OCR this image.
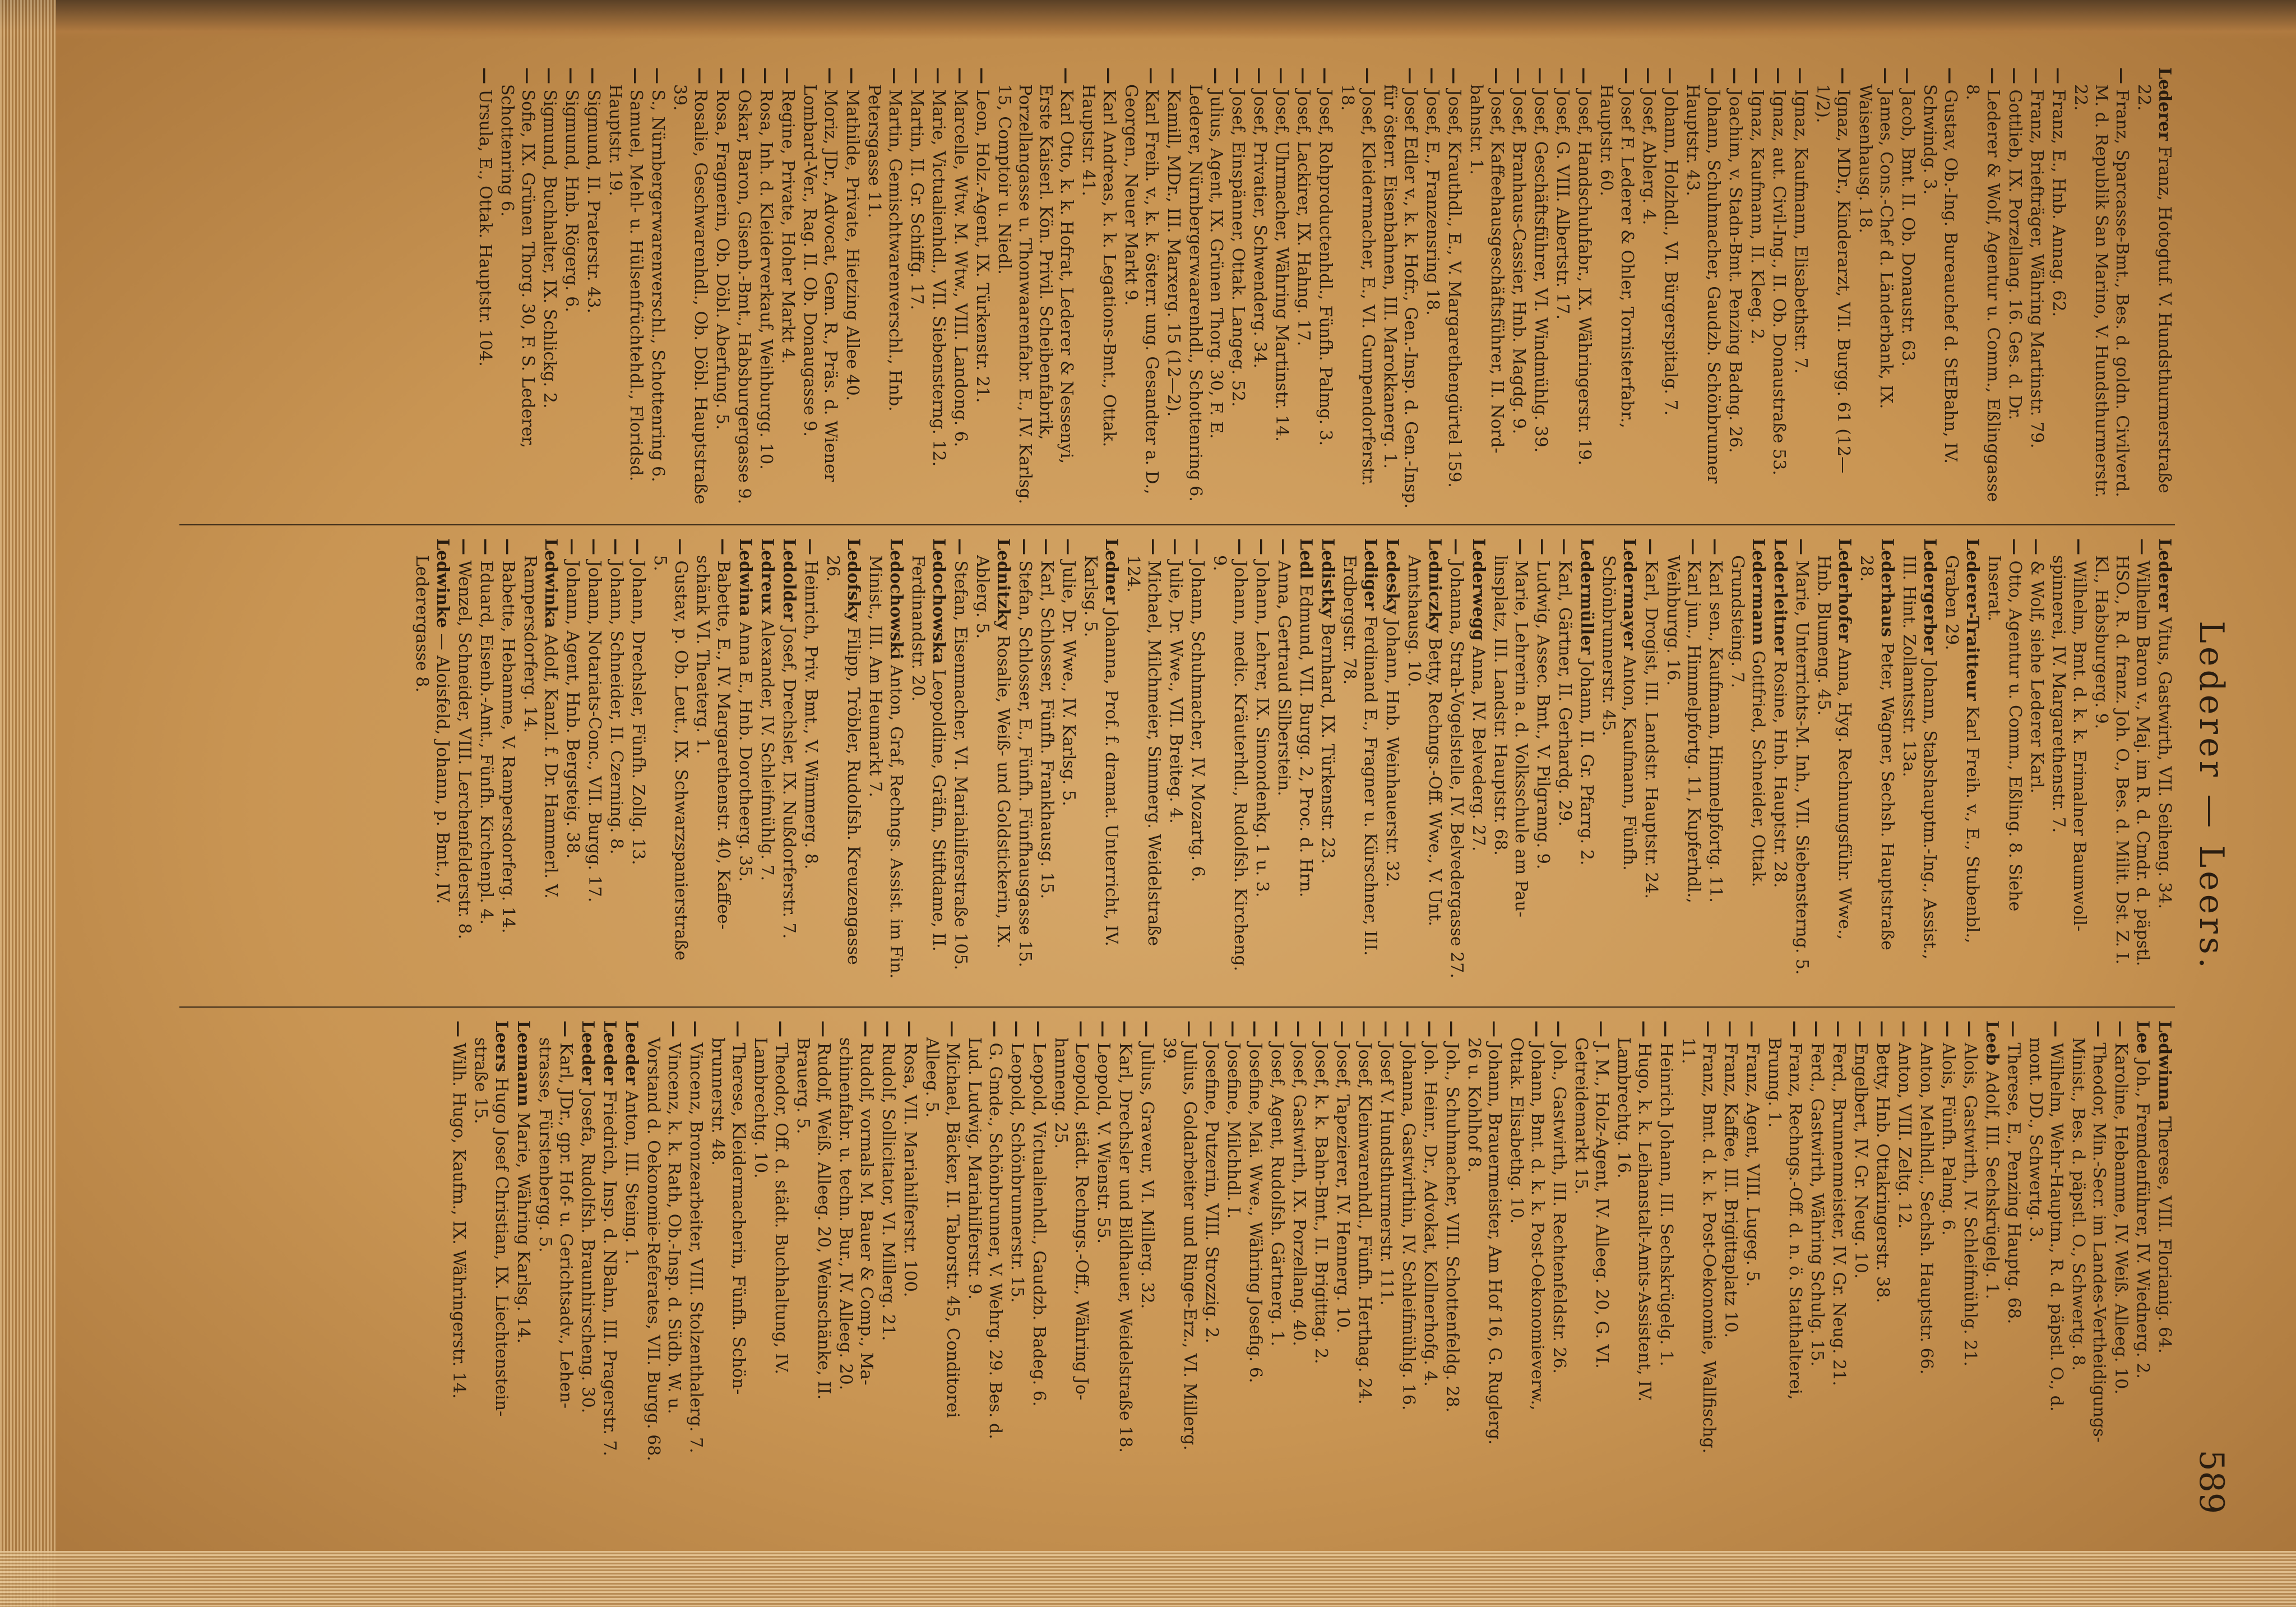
Lederer — Leers.
589
Lederer Franz, Hotogtuf. V. Hundsthurmerstraße 22.
— Franz, Sparcasse-Bmt., Bes. d. goldn. Civilverd. M. d. Republik San Marino, V. Hundsthurmerstr. 22.
— Franz, E., Hnb. Annag. 62.
— Franz, Briefträger, Währing Martinstr. 79.
— Gottlieb, IX. Porzellang. 16. Ges. d. Dr.
— Lederer & Wolf, Agentur u. Comm., Eßlinggasse 8.
— Gustav, Ob.-Ing. Bureauchef d. StEBahn, IV. Schwindg. 3.
— Jacob, Bmt. II. Ob. Donaustr. 63.
— James, Cons.-Chef d. Länderbank, IX. Waisenhausg. 18.
— Ignaz, MDr., Kinderarzt, VII. Burgg. 61 (12—1/2).
— Ignaz, Kaufmann, Elisabethstr. 7.
— Ignaz, aut. Civil-Ing., II. Ob. Donaustraße 53.
— Ignaz, Kaufmann, II. Kleeg. 2.
— Joachim, v. Stadn-Bmt. Penzing Badng. 26.
— Johann, Schuhmacher, Gaudzb. Schönbrunner Hauptstr. 43.
— Johann, Holzhdl., VI. Bürgerspitalg. 7.
— Josef, Ablerg. 4.
— Josef F. Lederer & Ohler, Tornisterfabr., Hauptstr. 60.
— Josef, Handschuhfabr., IX. Währingerstr. 19.
— Josef, G. VIII. Albertstr. 17.
— Josef, Geschäftsführer, VI. Windmühlg. 39.
— Josef, Branhaus-Cassier, Hnb. Magdg. 9.
— Josef, Kaffeehausgeschäftsführer, II. Nordbahnstr. 1.
— Josef, Krauthdl., E., V. Margarethengürtel 159.
— Josef, E., Franzensring 18.
— Josef Edler v., k. k. Hofr., Gen.-Insp. d. Gen.-Insp. für österr. Eisenbahnen, III. Marokkanerg. 1.
— Josef, Kleidermacher, E., VI. Gumpendorferstr. 18.
— Josef, Rohproductenhdl., Fünfh. Palmg. 3.
— Josef, Lackirer, IX. Hahng. 17.
— Josef, Uhrmacher, Währing Martinstr. 14.
— Josef, Privatier, Schwenderg. 34.
— Josef, Einspänner, Ottak. Langeg. 52.
— Julius, Agent, IX. Grünen Thorg. 30, F. E. Lederer, Nürnbergerwaarenhdl., Schottenring 6.
— Kamill, MDr., III. Marxerg. 15 (12—2).
— Karl Freih. v., k. k. österr. ung. Gesandter a. D., Georgen., Neuer Markt 9.
— Karl Andreas, k. k. Legations-Bmt., Ottak. Hauptstr. 41.
— Karl Otto, k. k. Hofrat, Lederer & Nessenyi, Erste Kaiserl. Kön. Privil. Scheibenfabrik, Porzellangasse u. Thonwaarenfabr. E., IV. Karlsg. 15, Comptoir u. Niedl.
— Leon, Holz.-Agent, IX. Türkenstr. 21.
— Marcelle, Wtw. M. Wtw., VIII. Landong. 6.
— Marie, Victualienhdl., VII. Siebensterng. 12.
— Martin, II. Gr. Schiffg. 17.
— Martin, Gemischtwarenverschl., Hnb. Petersgasse 11.
— Mathilde, Private, Hietzing Allee 40.
— Moriz, JDr., Advocat, Gem. R., Präs. d. Wiener Lombard-Ver., Rag. II. Ob. Donaugasse 9.
— Regine, Private, Hoher Markt 4.
— Rosa, Inh. d. Kleiderverkauf, Weihburgg. 10.
— Oskar, Baron, Gisenb.-Bmt., Habsburgergasse 9.
— Rosa, Fragnerin, Ob. Döbl. Aberfung. 5.
— Rosalie, Geschwarenhdl., Ob. Döbl. Hauptstraße 39.
— S., Nürnbergerwarenverschl., Schottenring 6.
— Samuel, Mehl- u. Hülsenfrüchtehdl., Floridsd. Hauptstr. 19.
— Sigmund, II. Praterstr. 43.
— Sigmund, Hnb. Rögerg. 6.
— Sigmund, Buchhalter, IX. Schlickg. 2.
— Sofie, IX. Grünen Thorg. 30, F. S. Lederer, Schottenring 6.
— Ursula, E., Ottak. Hauptstr. 104.
Lederer Vitus, Gastwirth, VII. Seiheng. 34.
— Wilhelm Baron v., Maj. im R. d. Cmdr. d. päpstl. HSO., R. d. franz. Joh. O., Bes. d. Milit. Dst. Z. I. Kl., Habsburgerg. 9.
— Wilhelm, Bmt. d. k. k. Erimalner Baumwollspinnerei, IV. Margarethenstr. 7.
— & Wolf, siehe Lederer Karl.
— Otto, Agentur u. Comm., Eßling. 8. Siehe Inserat.
Lederer-Traitteur Karl Freih. v., E., Stubenbl., Graben 29.
Ledergerber Johann, Stabshauptm.-Ing., Assist., III. Hint. Zollamtsstr. 13a.
Lederhaus Peter, Wagner, Sechsh. Hauptstraße 28.
Lederhofer Anna, Hyg. Rechnungsführ. Wwe., Hnb. Blumeng. 45.
— Marie, Unterrichts-M. Inh., VII. Siebensterng. 5.
Lederleitner Rosine, Hnb. Hauptstr. 28.
Ledermann Gottfried, Schneider, Ottak. Grundsteing. 7.
— Karl sen., Kaufmann, Himmelpfortg. 11.
— Karl jun., Himmelpfortg. 11, Kupferhdl., Weihburgg. 16.
— Karl, Drogist, III. Landstr. Hauptstr. 24.
Ledermayer Anton, Kaufmann, Fünfh. Schönbrunnerstr. 45.
Ledermüller Johann, II. Gr. Pfarrg. 2.
— Karl, Gärtner, II. Gerhardg. 29.
— Ludwig, Assec. Bmt., V. Pilgramg. 9.
— Marie, Lehrerin a. d. Volksschule am Paulinsplatz, III. Landstr. Hauptstr. 68.
Lederwegg Anna, IV. Belvederg. 27.
— Johanna, Strah-Vogelstelle, IV. Belvedergasse 27.
Ledniczky Betty, Rechngs.-Off. Wwe., V. Unt. Amtshausg. 10.
Ledesky Johann, Hnb. Weinhauerstr. 32.
Lediger Ferdinand E., Fragner u. Kürschner, III. Erdbergstr. 78.
Ledistky Bernhard, IX. Türkenstr. 23.
Ledl Edmund, VII. Burgg. 2, Proc. d. Hrn.
— Anna, Gertraud Silberstein.
— Johann, Lehrer, IX. Simondenkg. 1 u. 3.
— Johann, medic. Kräuterhdl., Rudolfsh. Kircheng. 9.
— Johann, Schuhmacher, IV. Mozartg. 6.
— Julie, Dr. Wwe., VII. Breiteg. 4.
— Michael, Milchmeier, Simmerg. Weidelstraße 124.
Ledner Johanna, Prof. f. dramat. Unterricht, IV. Karlsg. 5.
— Julie, Dr. Wwe., IV. Karlsg. 5.
— Karl, Schlosser, Fünfh. Frankhausg. 15.
— Stefan, Schlosser, E., Fünfh. Fünfhausgasse 15.
Lednitzky Rosalie, Weiß- und Goldstickerin, IX. Ablerg. 5.
— Stefan, Eisenmacher, VI. Mariahilferstraße 105.
Ledochowska Leopoldine, Gräfin, Stiftdame, II. Ferdinandstr. 20.
Ledochowski Anton, Graf, Rechngs. Assist. im Fin. Minist., III. Am Heumarkt 7.
Ledofsky Filipp, Tröbler, Rudolfsh. Kreuzengasse 26.
— Heinrich, Priv. Bmt., V. Wimmerg. 8.
Ledolder Josef, Drechsler, IX. Nußdorferstr. 7.
Ledreux Alexander, IV. Schleifmühlg. 7.
Ledwina Anna E., Hnb. Dorotheerg. 35.
— Babette, E., IV. Margarethenstr. 40, Kaffeeschänk VI. Theaterg. 1.
— Gustav, p. Ob. Leut., IX. Schwarzspanierstraße 5.
— Johann, Drechsler, Fünfh. Zollg. 13.
— Johann, Schneider, II. Czerning. 8.
— Johann, Notariats-Conc., VII. Burgg. 17.
— Johann, Agent, Hnb. Bergsteig. 38.
Ledwinka Adolf, Kanzl. f. Dr. Hammerl. V. Rampersdorferg. 14.
— Babette, Hebamme, V. Rampersdorferg. 14.
— Eduard, Eisenb.-Amt., Fünfh. Kirchenpl. 4.
— Wenzel, Schneider, VIII. Lerchenfelderstr. 8.
Ledwinke — Aloisfeld, Johann, p. Bmt., IV. Lederergasse 8.
Ledwinna Therese, VIII. Florianig. 64.
Lee Joh., Fremdenführer, IV. Wiednerg. 2.
— Karoline, Hebamme, IV. Weiß. Alleeg. 10.
— Theodor, Min.-Secr. im Landes-Vertheidigungs-Minist., Bes. d. päpstl. O., Schwertg. 8.
— Wilhelm, Wehr-Hauptm., R. d. päpstl. O., d. mont. DD., Schwertg. 3.
— Therese, E., Penzing Hauptg. 68.
Leeb Adolf, III. Sechskrügelg. 1.
— Alois, Gastwirth, IV. Schleifmühlg. 21.
— Alois, Fünfh. Palmg. 6.
— Anton, Mehlhdl., Sechsh. Hauptstr. 66.
— Anton, VIII. Zeltg. 12.
— Betty, Hnb. Ottakringerstr. 38.
— Engelbert, IV. Gr. Neug. 10.
— Ferd., Brunnenmeister, IV. Gr. Neug. 21.
— Ferd., Gastwirth, Währing Schulg. 15.
— Franz, Rechngs.-Off. d. n. ö. Statthalterei, Brunng. 1.
— Franz, Agent, VIII. Lugeg. 5.
— Franz, Kaffee, III. Brigittaplatz 10.
— Franz, Bmt. d. k. k. Post-Oekonomie, Wallfischg. 11.
— Heinrich Johann, III. Sechskrügelg. 1.
— Hugo, k. k. Leihanstalt-Amts-Assistent, IV. Lambrechtg. 16.
— J. M., Holz-Agent, IV. Alleeg. 20, G. VI. Getreidemarkt 15.
— Joh., Gastwirth, III. Rechtenfeldstr. 26.
— Johann, Bmt. d. k. k. Post-Oekonomieverw., Ottak. Elisabethg. 10.
— Johann, Brauermeister, Am Hof 16, G. Ruglerg. 26 u. Kohlhof 8.
— Joh., Schuhmacher, VIII. Schottenfeldg. 28.
— Joh. Heinr., Dr., Advokat, Kollnerhofg. 4.
— Johanna, Gastwirthin, IV. Schleifmühlg. 16.
— Josef V. Hundsthurmerstr. 111.
— Josef, Kleinwarenhdl., Fünfh. Herthag. 24.
— Josef, Tapezierer, IV. Hennerg. 10.
— Josef, k. k. Bahn-Bmt., II. Brigittag. 2.
— Josef, Gastwirth, IX. Porzellang. 40.
— Josef, Agent, Rudolfsh. Gärtnerg. 1.
— Josefine, Mai. Wwe., Währing Josefig. 6.
— Josefine, Milchhdl. I.
— Josefine, Putzerin, VIII. Strozzig. 2.
— Julius, Goldarbeiter und Ringe-Erz., VI. Millerg. 39.
— Julius, Graveur, VI. Millerg. 32.
— Karl, Drechsler und Bildhauer, Weidelstraße 18.
— Leopold, V. Wienstr. 55.
— Leopold, städt. Rechngs.-Off., Währing Johanneng. 25.
— Leopold, Victualienhdl., Gaudzb. Badeg. 6.
— Leopold, Schönbrunnerstr. 15.
— G. Gmde., Schönbrunner, V. Wehrg. 29. Bes. d. Lud. Ludwig, Mariahilferstr. 9.
— Michael, Bäcker, II. Taborstr. 45, Conditorei Alleeg. 5.
— Rosa, VII. Mariahilferstr. 100.
— Rudolf, Sollicitator, VI. Millerg. 21.
— Rudolf, vormals M. Bauer & Comp., Maschinenfabr. u. techn. Bur., IV. Alleeg. 20.
— Rudolf, Weiß. Alleeg. 20, Weinschänke, II. Brauerg. 5.
— Theodor, Off. d. städt. Buchhaltung, IV. Lambrechtg. 10.
— Therese, Kleidermacherin, Fünfh. Schönbrunnerstr. 48.
— Vincenz, Bronzearbeiter, VIII. Stolzenthalerg. 7.
— Vincenz, k. k. Rath, Ob.-Insp. d. Südb. W. u. Vorstand d. Oekonomie-Referates, VII. Burgg. 68.
Leeder Anton, III. Steing. 1.
Leeder Friedrich, Insp. d. NBahn, III. Pragerstr. 7.
Leeder Josefa, Rudolfsh. Braunhirscheng. 30.
— Karl, JDr., gpr. Hof- u. Gerichtsadv., Lehenstrasse, Fürstenbergg. 5.
Leemann Marie, Währing Karlsg. 14.
Leers Hugo Josef Christian, IX. Liechtensteinstraße 15.
— Wilh. Hugo, Kaufm., IX. Währingerstr. 14.
